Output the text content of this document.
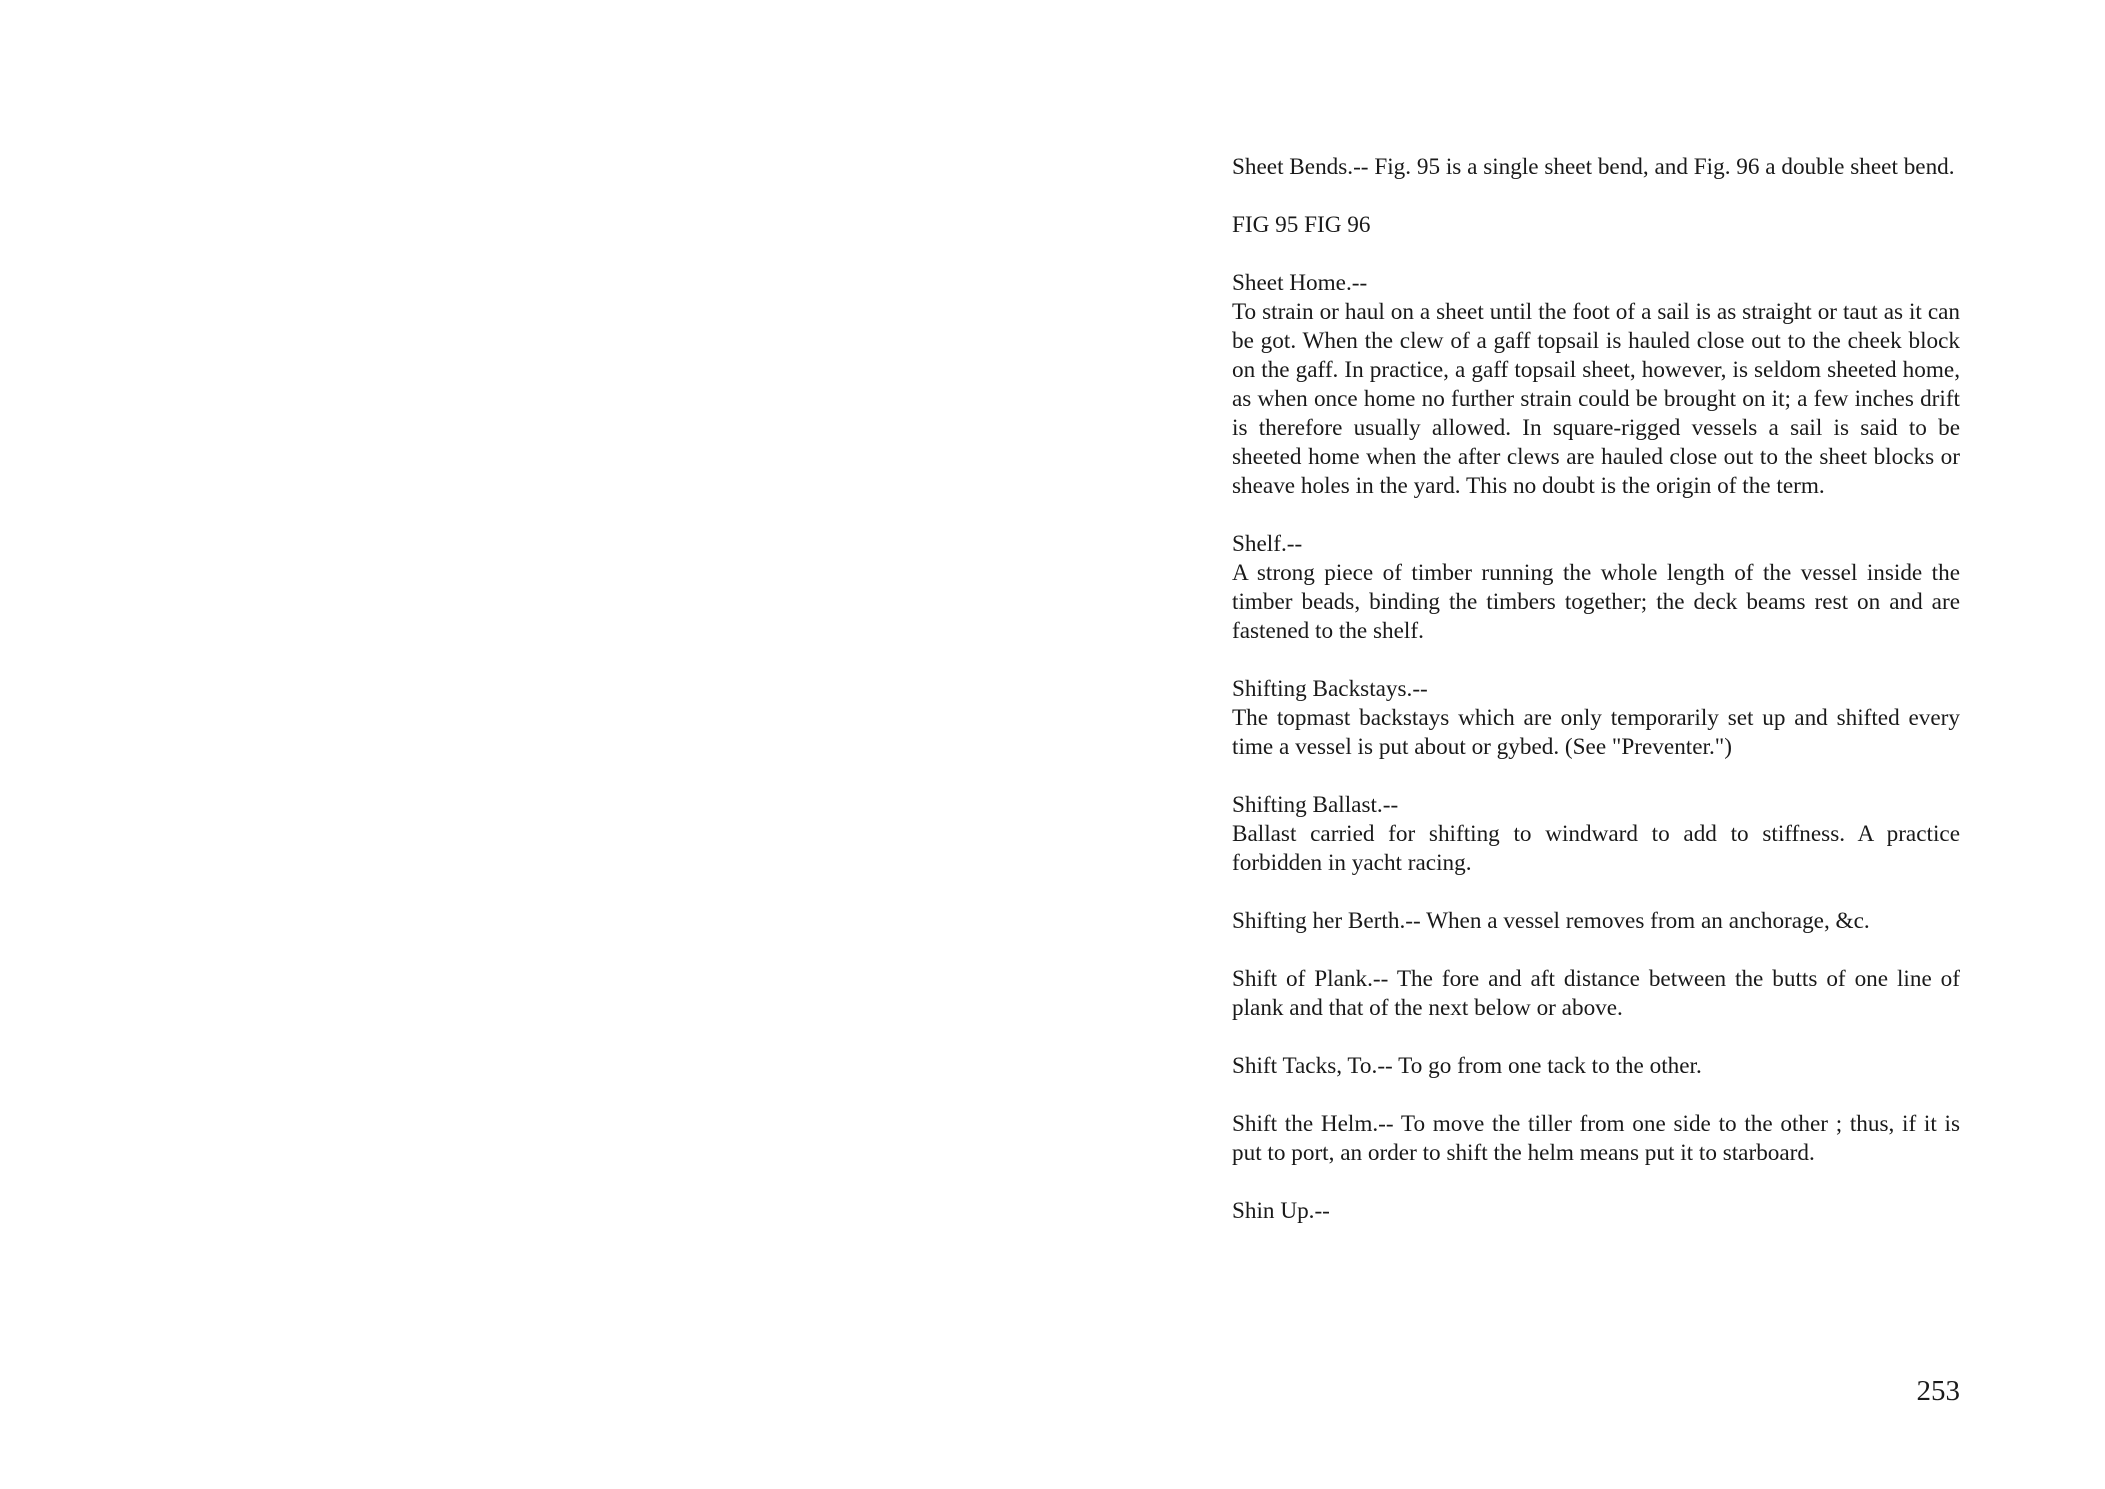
Sheet Bends.-- Fig. 95 is a single sheet bend, and Fig. 96 a double sheet bend.

FIG 95 FIG 96

Sheet Home.--
To strain or haul on a sheet until the foot of a sail is as straight or taut as it can be got. When the clew of a gaff topsail is hauled close out to the cheek block on the gaff. In practice, a gaff topsail sheet, however, is seldom sheeted home, as when once home no further strain could be brought on it; a few inches drift is therefore usually allowed. In square-rigged vessels a sail is said to be sheeted home when the after clews are hauled close out to the sheet blocks or sheave holes in the yard. This no doubt is the origin of the term.

Shelf.--
A strong piece of timber running the whole length of the vessel inside the timber beads, binding the timbers together; the deck beams rest on and are fastened to the shelf.

Shifting Backstays.--
The topmast backstays which are only temporarily set up and shifted every time a vessel is put about or gybed. (See "Preventer.")

Shifting Ballast.--
Ballast carried for shifting to windward to add to stiffness. A practice forbidden in yacht racing.

Shifting her Berth.-- When a vessel removes from an anchorage, &c.

Shift of Plank.-- The fore and aft distance between the butts of one line of plank and that of the next below or above.

Shift Tacks, To.-- To go from one tack to the other.

Shift the Helm.-- To move the tiller from one side to the other ; thus, if it is put to port, an order to shift the helm means put it to starboard.

Shin Up.--

253
